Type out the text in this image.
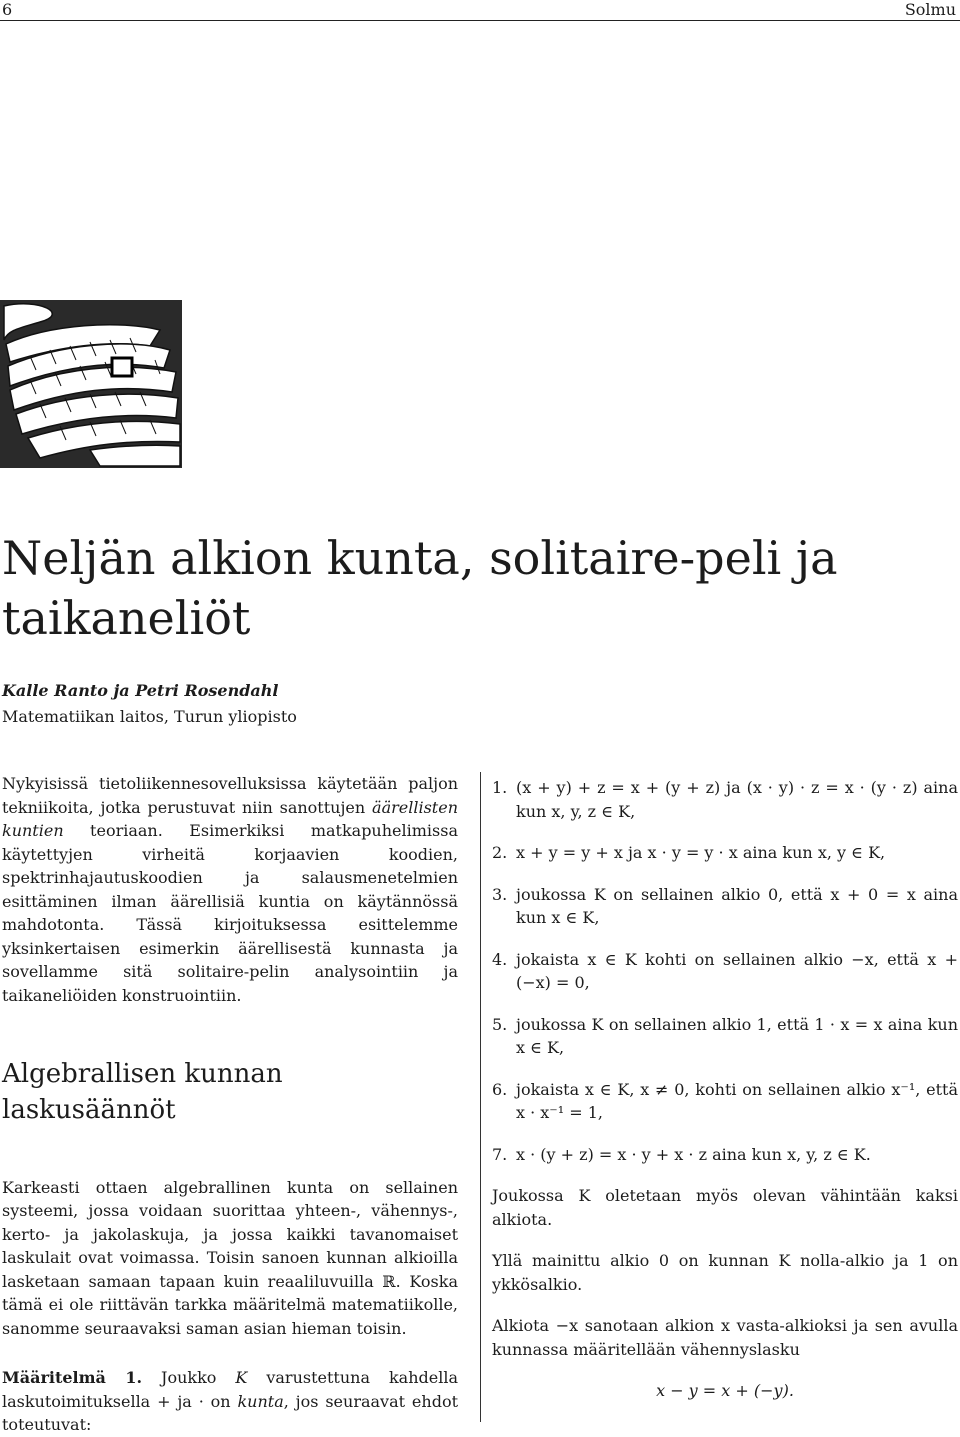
6	Solmu
Neljän alkion kunta, solitaire-peli ja taikaneliöt
Kalle Ranto ja Petri Rosendahl
Matematiikan laitos, Turun yliopisto

Nykyisissä tietoliikennesovelluksissa käytetään paljon tekniikoita, jotka perustuvat niin sanottujen äärellisten kuntien teoriaan. Esimerkiksi matkapuhelimissa käytettyjen virheitä korjaavien koodien, spektrinhajautuskoodien ja salausmenetelmien esittäminen ilman äärellisiä kuntia on käytännössä mahdotonta. Tässä kirjoituksessa esittelemme yksinkertaisen esimerkin äärellisestä kunnasta ja sovellamme sitä solitaire-pelin analysointiin ja taikaneliöiden konstruointiin.

Algebrallisen kunnan laskusäännöt

Karkeasti ottaen algebrallinen kunta on sellainen systeemi, jossa voidaan suorittaa yhteen-, vähennys-, kerto- ja jakolaskuja, ja jossa kaikki tavanomaiset laskulait ovat voimassa. Toisin sanoen kunnan alkioilla lasketaan samaan tapaan kuin reaaliluvuilla ℝ. Koska tämä ei ole riittävän tarkka määritelmä matematiikolle, sanomme seuraavaksi saman asian hieman toisin.

Määritelmä 1. Joukko K varustettuna kahdella laskutoimituksella + ja · on kunta, jos seuraavat ehdot toteutuvat:

1. (x + y) + z = x + (y + z) ja (x · y) · z = x · (y · z) aina kun x, y, z ∈ K,
2. x + y = y + x ja x · y = y · x aina kun x, y ∈ K,
3. joukossa K on sellainen alkio 0, että x + 0 = x aina kun x ∈ K,
4. jokaista x ∈ K kohti on sellainen alkio −x, että x + (−x) = 0,
5. joukossa K on sellainen alkio 1, että 1 · x = x aina kun x ∈ K,
6. jokaista x ∈ K, x ≠ 0, kohti on sellainen alkio x⁻¹, että x · x⁻¹ = 1,
7. x · (y + z) = x · y + x · z aina kun x, y, z ∈ K.

Joukossa K oletetaan myös olevan vähintään kaksi alkiota.

Yllä mainittu alkio 0 on kunnan K nolla-alkio ja 1 on ykkösalkio.

Alkiota −x sanotaan alkion x vasta-alkioksi ja sen avulla kunnassa määritellään vähennyslasku

x − y = x + (−y).
